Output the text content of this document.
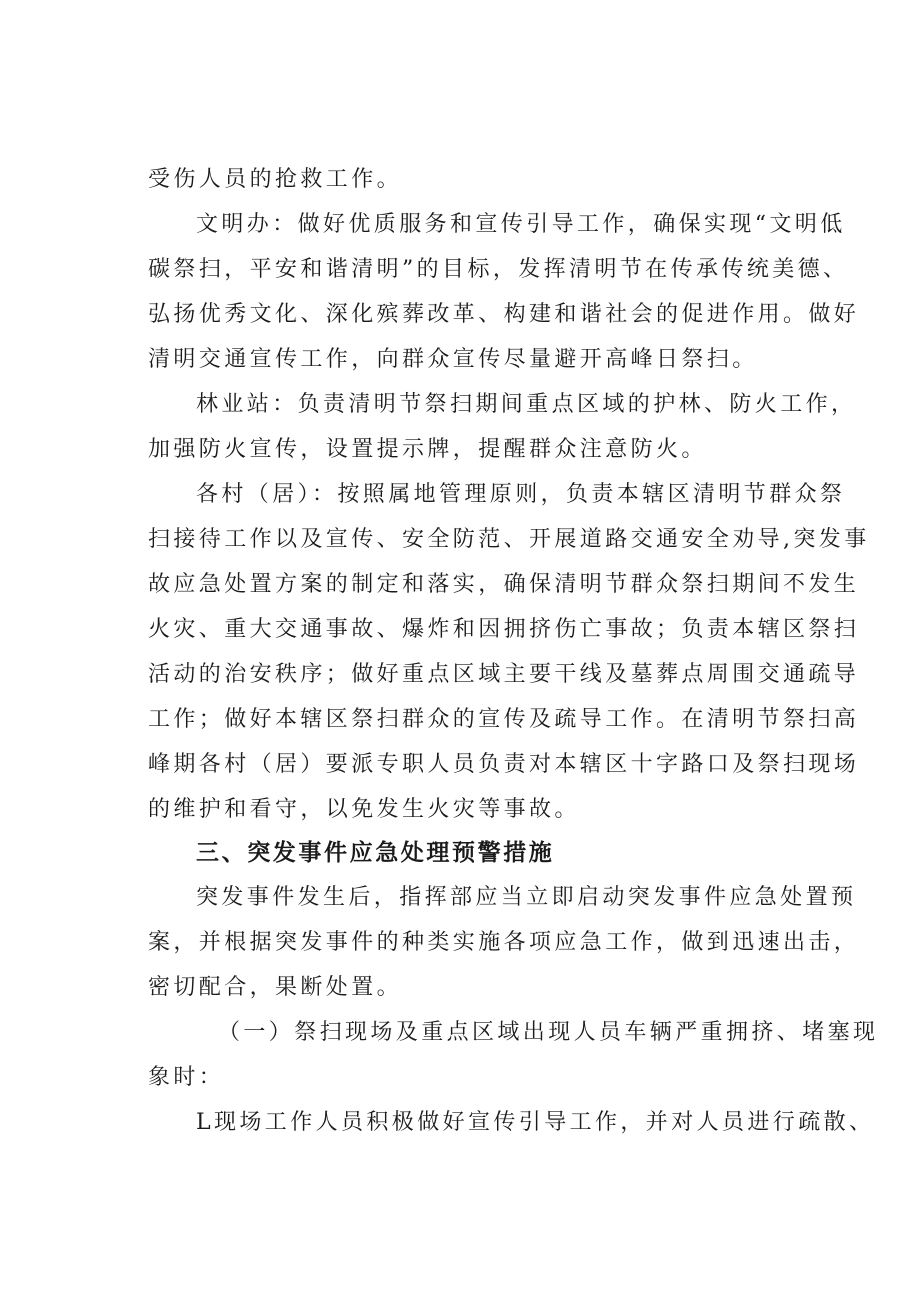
受伤人员的抢救工作。

文明办：做好优质服务和宣传引导工作，确保实现“文明低

碳祭扫，平安和谐清明”的目标，发挥清明节在传承传统美德、

弘扬优秀文化、深化殡葬改革、构建和谐社会的促进作用。做好

清明交通宣传工作，向群众宣传尽量避开高峰日祭扫。

林业站：负责清明节祭扫期间重点区域的护林、防火工作，

加强防火宣传，设置提示牌，提醒群众注意防火。

各村（居）：按照属地管理原则，负责本辖区清明节群众祭

扫接待工作以及宣传、安全防范、开展道路交通安全劝导,突发事

故应急处置方案的制定和落实，确保清明节群众祭扫期间不发生

火灾、重大交通事故、爆炸和因拥挤伤亡事故；负责本辖区祭扫

活动的治安秩序；做好重点区域主要干线及墓葬点周围交通疏导

工作；做好本辖区祭扫群众的宣传及疏导工作。在清明节祭扫高

峰期各村（居）要派专职人员负责对本辖区十字路口及祭扫现场

的维护和看守，以免发生火灾等事故。

三、突发事件应急处理预警措施

突发事件发生后，指挥部应当立即启动突发事件应急处置预

案，并根据突发事件的种类实施各项应急工作，做到迅速出击，

密切配合，果断处置。

（一）祭扫现场及重点区域出现人员车辆严重拥挤、堵塞现

象时：

L现场工作人员积极做好宣传引导工作，并对人员进行疏散、
